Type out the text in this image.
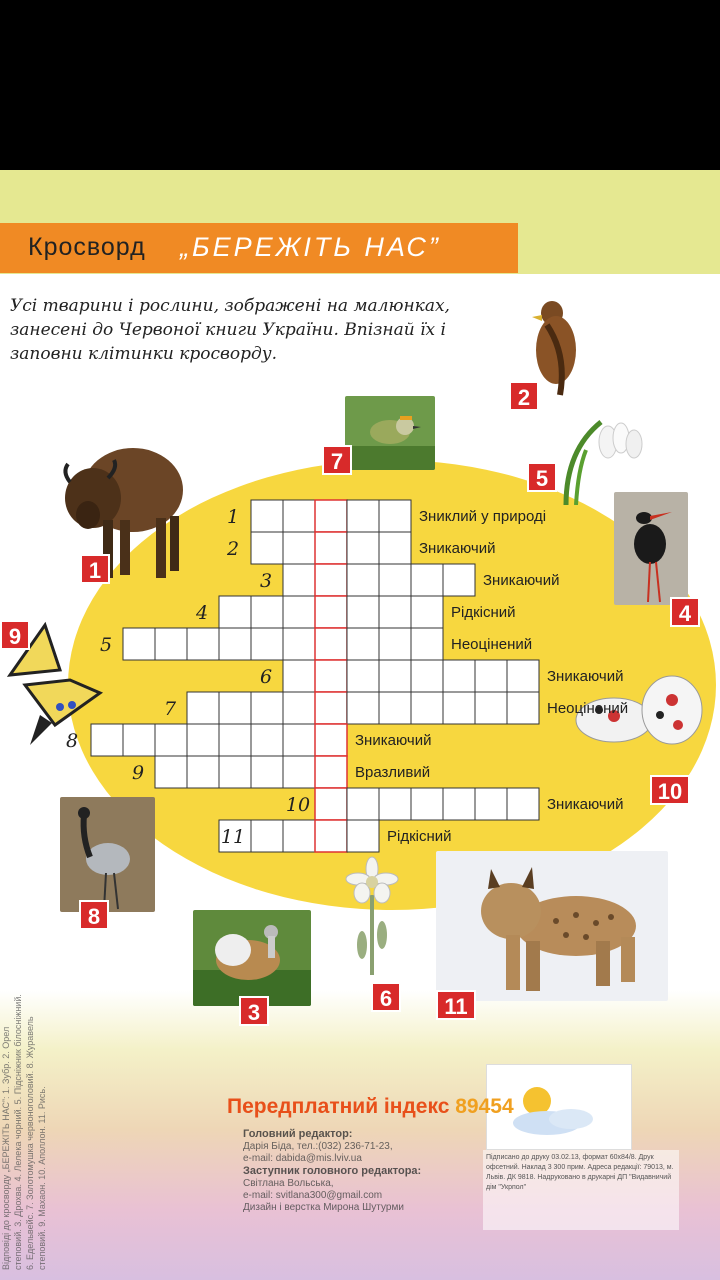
Кросворд „БЕРЕЖІТЬ НАС”
Усі тварини і рослини, зображені на малюнках, занесені до Червоної книги України. Впізнай їх і заповни клітинки кросворду.
1
2
3
4
5
6
7
8
9
10
11
1	Зниклий у природі
2	Зникаючий
3	Зникаючий
4	Рідкісний
5	Неоцінений
6	Зникаючий
7	Неоцінений
8	Зникаючий
9	Вразливий
10	Зникаючий
11	Рідкісний
Відповіді до кросворду „БЕРЕЖІТЬ НАС”: 1. Зубр. 2. Орел степовий. 3. Дрохва. 4. Лелека чорний. 5. Підсніжник білосніжний. 6. Едельвейс. 7. Золотомушка червоноголовий. 8. Журавель степовий. 9. Махаон. 10. Аполлон. 11. Рись.	Передплатний індекс 89454
Головний редактор:
Дарія Біда, тел.:(032) 236-71-23,
e-mail: dabida@mis.lviv.ua
Заступник головного редактора:
Світлана Вольська,
e-mail: svitlana300@gmail.com
Дизайн і верстка Мирона Шутурми
Підписано до друку 03.02.13, формат 60х84/8. Друк офсетний. Наклад 3 300 прим. Адреса редакції: 79013, м. Львів. ДК 9818. Надруковано в друкарні ДП "Видавничий дім "Укрпол"
